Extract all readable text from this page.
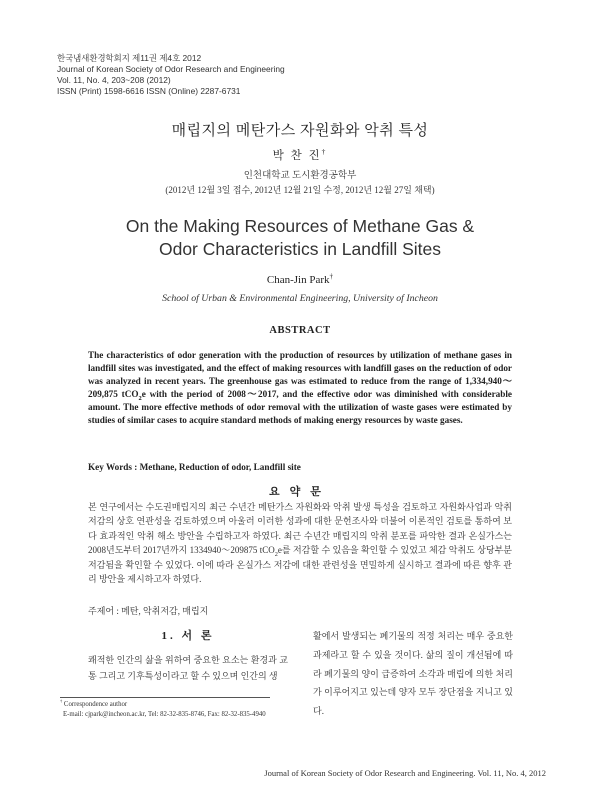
한국냄새환경학회지 제11권 제4호 2012
Journal of Korean Society of Odor Research and Engineering
Vol. 11, No. 4, 203~208 (2012)
ISSN (Print) 1598-6616 ISSN (Online) 2287-6731
매립지의 메탄가스 자원화와 악취 특성
박 찬 진†
인천대학교 도시환경공학부
(2012년 12월 3일 접수, 2012년 12월 21일 수정, 2012년 12월 27일 채택)
On the Making Resources of Methane Gas &
Odor Characteristics in Landfill Sites
Chan-Jin Park†
School of Urban & Environmental Engineering, University of Incheon
ABSTRACT
The characteristics of odor generation with the production of resources by utilization of methane gases in landfill sites was investigated, and the effect of making resources with landfill gases on the reduction of odor was analyzed in recent years. The greenhouse gas was estimated to reduce from the range of 1,334,940～209,875 tCO$_2$e with the period of 2008～2017, and the effective odor was diminished with considerable amount. The more effective methods of odor removal with the utilization of waste gases were estimated by studies of similar cases to acquire standard methods of making energy resources by waste gases.
Key Words : Methane, Reduction of odor, Landfill site
요약문
본 연구에서는 수도권매립지의 최근 수년간 메탄가스 자원화와 악취 발생 특성을 검토하고 자원화사업과 악취저감의 상호 연관성을 검토하였으며 아울러 이러한 성과에 대한 문헌조사와 더불어 이론적인 검토를 통하여 보다 효과적인 악취 해소 방안을 수립하고자 하였다. 최근 수년간 매립지의 악취 분포를 파악한 결과 온실가스는 2008년도부터 2017년까지 1334940～209875 tCO$_2$e를 저감할 수 있음을 확인할 수 있었고 체감 악취도 상당부분 저감됨을 확인할 수 있었다. 이에 따라 온실가스 저감에 대한 관련성을 면밀하게 실시하고 결과에 따른 향후 관리 방안을 제시하고자 하였다.
주제어 : 메탄, 악취저감, 매립지
1. 서 론
쾌적한 인간의 삶을 위하여 중요한 요소는 환경과 교통 그리고 기후특성이라고 할 수 있으며 인간의 생
활에서 발생되는 폐기물의 적정 처리는 매우 중요한 과제라고 할 수 있을 것이다. 삶의 질이 개선됨에 따라 폐기물의 양이 급증하여 소각과 매립에 의한 처리가 이루어지고 있는데 양자 모두 장단점을 지니고 있다.
† Correspondence author
E-mail: cjpark@incheon.ac.kr, Tel: 82-32-835-8746, Fax: 82-32-835-4940
Journal of Korean Society of Odor Research and Engineering. Vol. 11, No. 4, 2012
